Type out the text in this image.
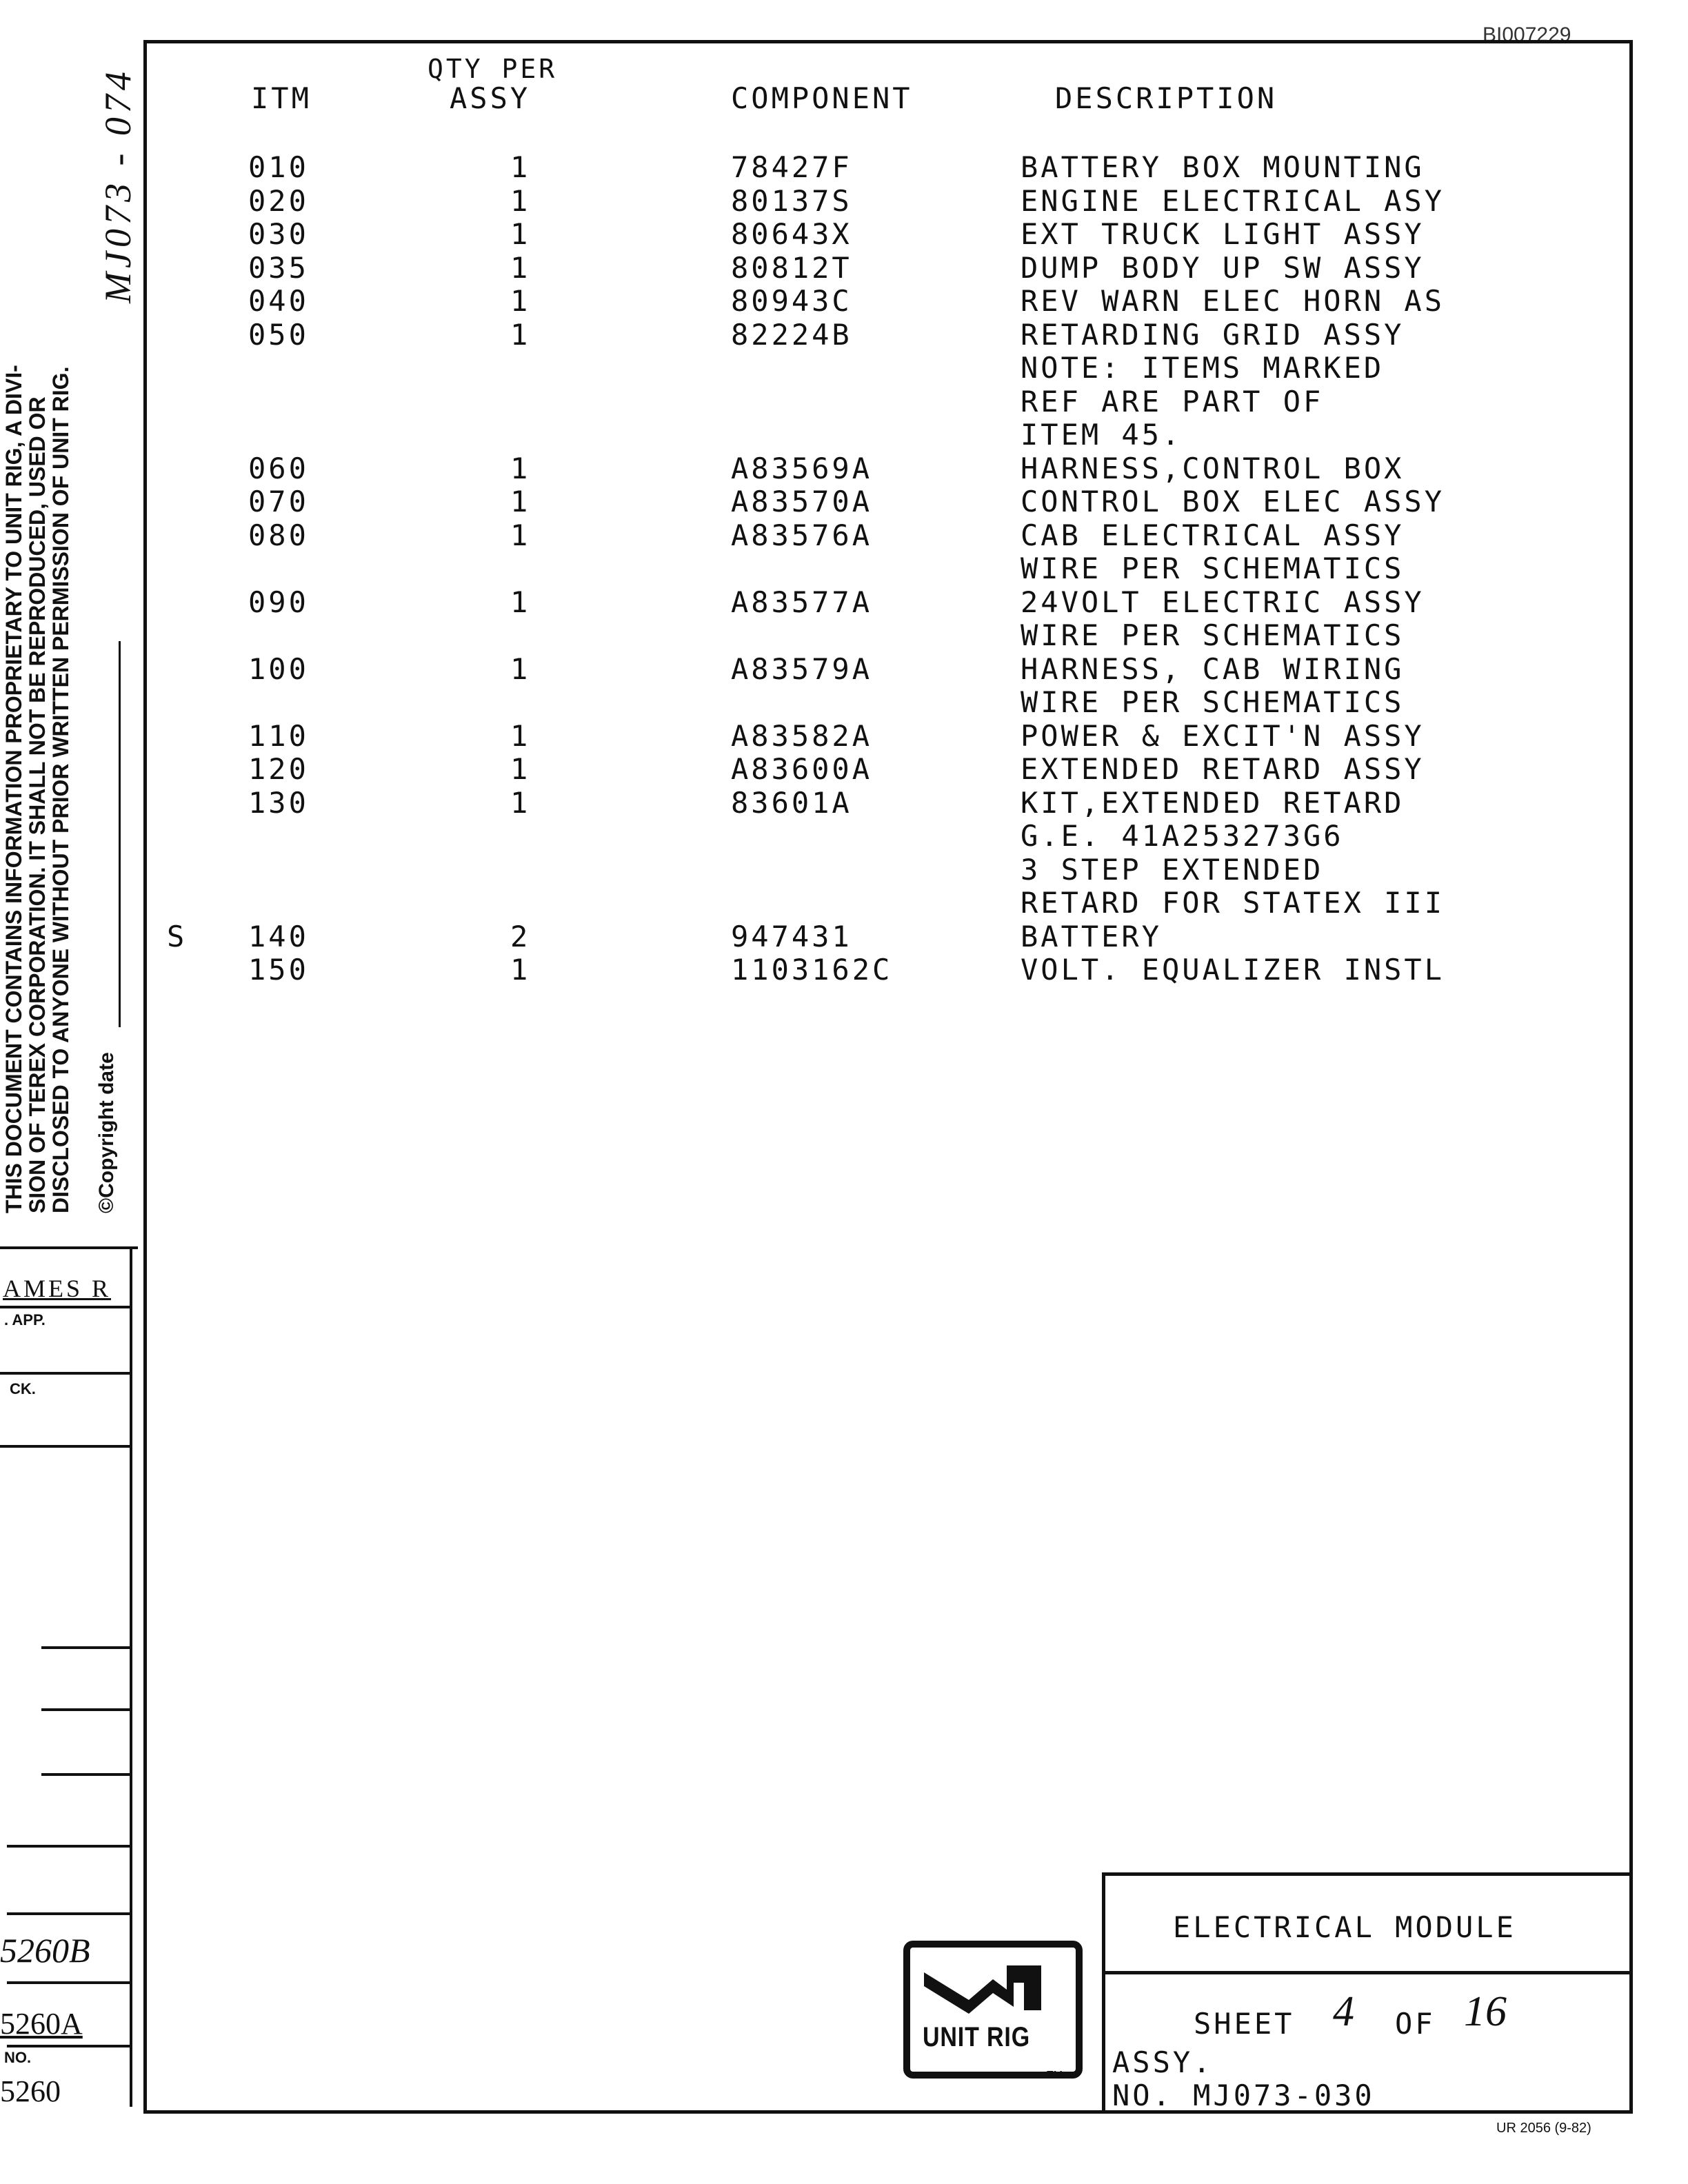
BI007229
MJ073 - 074
THIS DOCUMENT CONTAINS INFORMATION PROPRIETARY TO UNIT RIG, A DIVI-
SION OF TEREX CORPORATION. IT SHALL NOT BE REPRODUCED, USED OR
DISCLOSED TO ANYONE WITHOUT PRIOR WRITTEN PERMISSION OF UNIT RIG. ©Copyright date
AMES R
. APP.
CK.
5260B
5260A
NO.
5260
ITM
QTY PER
ASSY	COMPONENT	DESCRIPTION
010	1	78427F	BATTERY BOX MOUNTING
020	1	80137S	ENGINE ELECTRICAL ASY
030	1	80643X	EXT TRUCK LIGHT ASSY
035	1	80812T	DUMP BODY UP SW ASSY
040	1	80943C	REV WARN ELEC HORN AS
050	1	82224B	RETARDING GRID ASSY
NOTE: ITEMS MARKED
REF ARE PART OF
ITEM 45.
060	1	A83569A	HARNESS,CONTROL BOX
070	1	A83570A	CONTROL BOX ELEC ASSY
080	1	A83576A	CAB ELECTRICAL ASSY
WIRE PER SCHEMATICS
090	1	A83577A	24VOLT ELECTRIC ASSY
WIRE PER SCHEMATICS
100	1	A83579A	HARNESS, CAB WIRING
WIRE PER SCHEMATICS
110	1	A83582A	POWER & EXCIT'N ASSY
120	1	A83600A	EXTENDED RETARD ASSY
130	1	83601A	KIT,EXTENDED RETARD
G.E. 41A253273G6
3 STEP EXTENDED
RETARD FOR STATEX III
S 140	2	947431	BATTERY
150	1	1103162C	VOLT. EQUALIZER INSTL
UNIT RIG
TM
ELECTRICAL MODULE
SHEET 4 OF 16
ASSY.
NO. MJ073-030
UR 2056 (9-82)
